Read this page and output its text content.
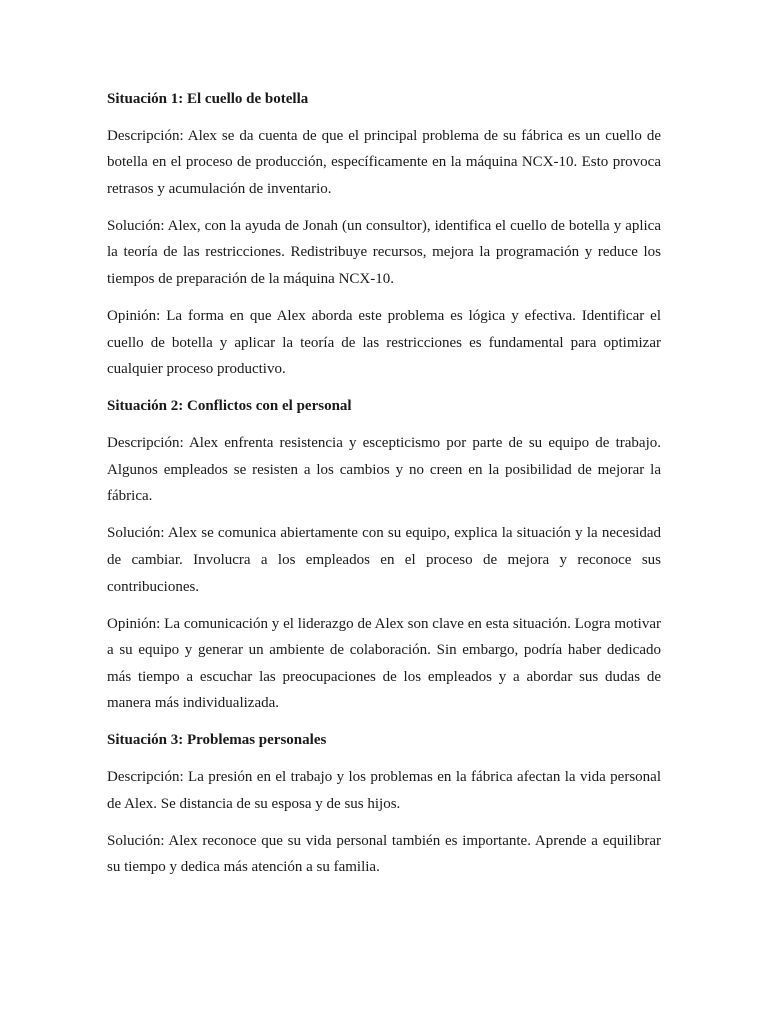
Situación 1: El cuello de botella

Descripción: Alex se da cuenta de que el principal problema de su fábrica es un cuello de botella en el proceso de producción, específicamente en la máquina NCX-10. Esto provoca retrasos y acumulación de inventario.

Solución: Alex, con la ayuda de Jonah (un consultor), identifica el cuello de botella y aplica la teoría de las restricciones. Redistribuye recursos, mejora la programación y reduce los tiempos de preparación de la máquina NCX-10.

Opinión: La forma en que Alex aborda este problema es lógica y efectiva. Identificar el cuello de botella y aplicar la teoría de las restricciones es fundamental para optimizar cualquier proceso productivo.

Situación 2: Conflictos con el personal

Descripción: Alex enfrenta resistencia y escepticismo por parte de su equipo de trabajo. Algunos empleados se resisten a los cambios y no creen en la posibilidad de mejorar la fábrica.

Solución: Alex se comunica abiertamente con su equipo, explica la situación y la necesidad de cambiar. Involucra a los empleados en el proceso de mejora y reconoce sus contribuciones.

Opinión: La comunicación y el liderazgo de Alex son clave en esta situación. Logra motivar a su equipo y generar un ambiente de colaboración. Sin embargo, podría haber dedicado más tiempo a escuchar las preocupaciones de los empleados y a abordar sus dudas de manera más individualizada.

Situación 3: Problemas personales

Descripción: La presión en el trabajo y los problemas en la fábrica afectan la vida personal de Alex. Se distancia de su esposa y de sus hijos.

Solución: Alex reconoce que su vida personal también es importante. Aprende a equilibrar su tiempo y dedica más atención a su familia.
